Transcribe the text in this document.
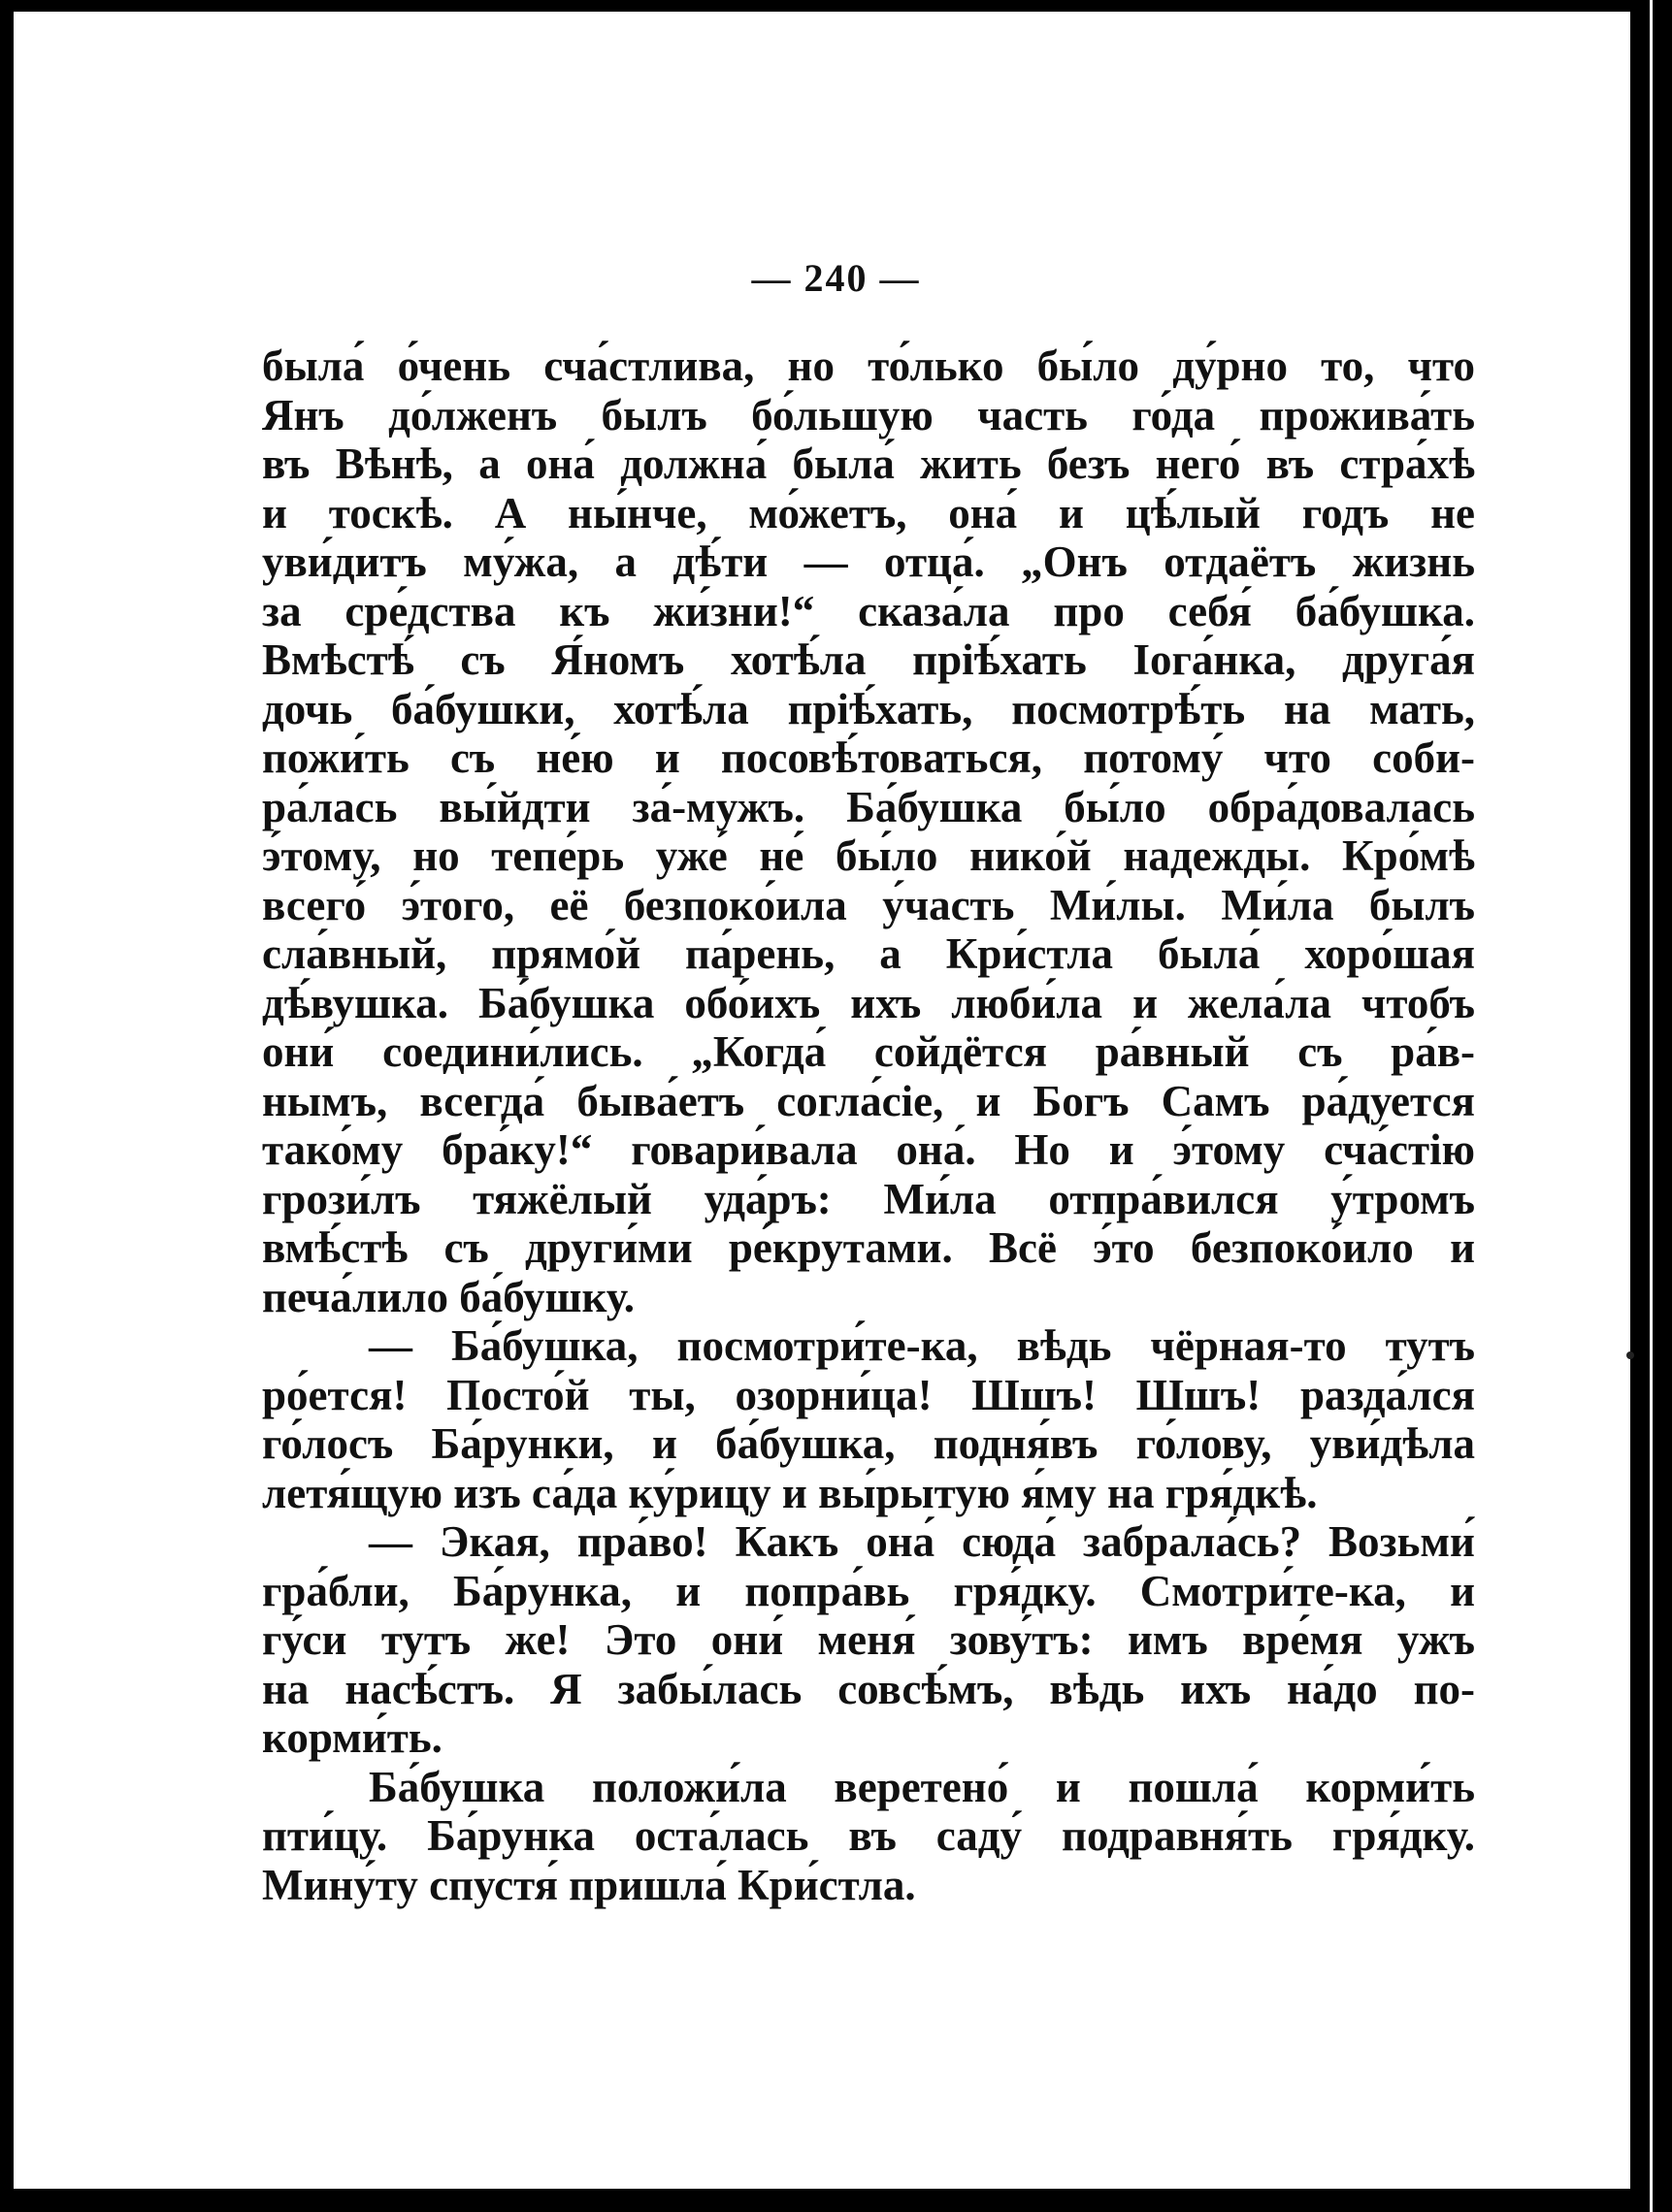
— 240 —
была́ о́чень сча́стлива, но то́лько бы́ло ду́рно то, что
Янъ до́лженъ былъ бо́льшую часть го́да прожива́ть
въ Вѣнѣ, а она́ должна́ была́ жить безъ него́ въ стра́хѣ
и тоскѣ. А ны́нче, мо́жетъ, она́ и цѣ́лый годъ не
уви́дитъ му́жа, а дѣ́ти — отца́. „Онъ отдаётъ жизнь
за сре́дства къ жи́зни!“ сказа́ла про себя́ ба́бушка.
Вмѣстѣ́ съ Я́номъ хотѣ́ла пріѣ́хать Іога́нка, друга́я
дочь ба́бушки, хотѣ́ла пріѣ́хать, посмотрѣ́ть на мать,
пожи́ть съ не́ю и посовѣ́товаться, потому́ что соби-
ра́лась вы́йдти за́-мужъ. Ба́бушка бы́ло обра́довалась
э́тому, но тепе́рь уже́ не́ бы́ло нико́й надежды. Кро́мѣ
всего́ э́того, её безпоко́ила у́часть Ми́лы. Ми́ла былъ
сла́вный, прямо́й па́рень, а Кри́стла была́ хоро́шая
дѣ́вушка. Ба́бушка обо́ихъ ихъ люби́ла и жела́ла чтобъ
они́ соедини́лись. „Когда́ сойдётся ра́вный съ ра́в-
нымъ, всегда́ быва́етъ согла́сіе, и Богъ Самъ ра́дуется
тако́му бра́ку!“ говари́вала она́. Но и э́тому сча́стію
грози́лъ тяжёлый уда́ръ: Ми́ла отпра́вился у́тромъ
вмѣ́стѣ съ други́ми ре́крутами. Всё э́то безпоко́ило и
печа́лило ба́бушку.
— Ба́бушка, посмотри́те-ка, вѣдь чёрная-то тутъ
ро́ется! Посто́й ты, озорни́ца! Шшъ! Шшъ! разда́лся
го́лосъ Ба́рунки, и ба́бушка, подня́въ го́лову, уви́дѣла
летя́щую изъ са́да ку́рицу и вы́рытую я́му на гря́дкѣ.
— Экая, пра́во! Какъ она́ сюда́ забрала́сь? Возьми́
гра́бли, Ба́рунка, и попра́вь гря́дку. Смотри́те-ка, и
гу́си тутъ же! Это они́ меня́ зову́тъ: имъ вре́мя ужъ
на насѣ́стъ. Я забы́лась совсѣ́мъ, вѣдь ихъ на́до по-
корми́ть.
Ба́бушка положи́ла веретено́ и пошла́ корми́ть
пти́цу. Ба́рунка оста́лась въ саду́ подравня́ть гря́дку.
Мину́ту спустя́ пришла́ Кри́стла.
